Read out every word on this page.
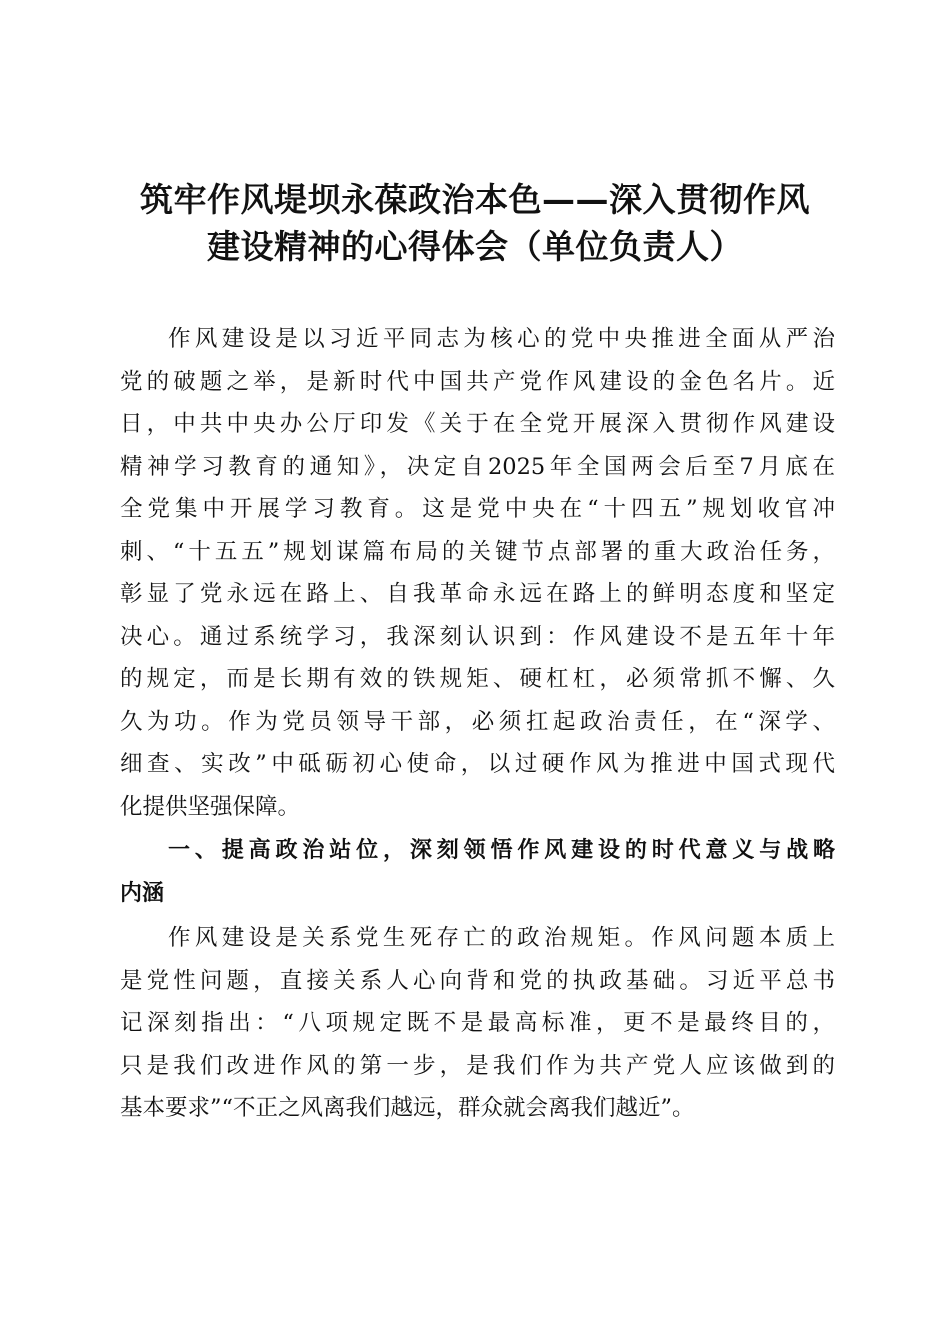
筑牢作风堤坝永葆政治本色——深入贯彻作风
建设精神的心得体会（单位负责人）
作风建设是以习近平同志为核心的党中央推进全面从严治
党的破题之举，是新时代中国共产党作风建设的金色名片。近
日，中共中央办公厅印发《关于在全党开展深入贯彻作风建设
精神学习教育的通知》，决定自2025年全国两会后至7月底在
全党集中开展学习教育。这是党中央在“十四五”规划收官冲
刺、“十五五”规划谋篇布局的关键节点部署的重大政治任务，
彰显了党永远在路上、自我革命永远在路上的鲜明态度和坚定
决心。通过系统学习，我深刻认识到：作风建设不是五年十年
的规定，而是长期有效的铁规矩、硬杠杠，必须常抓不懈、久
久为功。作为党员领导干部，必须扛起政治责任，在“深学、
细查、实改”中砥砺初心使命，以过硬作风为推进中国式现代
化提供坚强保障。
一、提高政治站位，深刻领悟作风建设的时代意义与战略
内涵
作风建设是关系党生死存亡的政治规矩。作风问题本质上
是党性问题，直接关系人心向背和党的执政基础。习近平总书
记深刻指出：“八项规定既不是最高标准，更不是最终目的，
只是我们改进作风的第一步，是我们作为共产党人应该做到的
基本要求”“不正之风离我们越远，群众就会离我们越近”。
